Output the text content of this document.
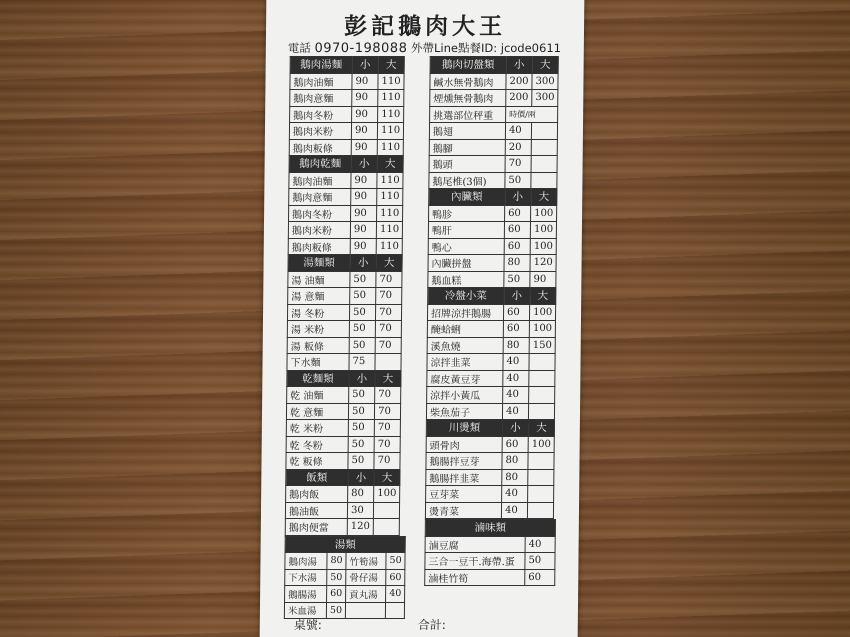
彭記鵝肉大王
電話 0970-198088 外帶Line點餐ID: jcode0611
鵝肉湯麵	小	大
鵝肉油麵	90	110
鵝肉意麵	90	110
鵝肉冬粉	90	110
鵝肉米粉	90	110
鵝肉粄條	90	110
鵝肉乾麵	小	大
鵝肉油麵	90	110
鵝肉意麵	90	110
鵝肉冬粉	90	110
鵝肉米粉	90	110
鵝肉粄條	90	110
湯麵類	小	大
湯 油麵	50	70
湯 意麵	50	70
湯 冬粉	50	70
湯 米粉	50	70
湯 粄條	50	70
下水麵	75	
乾麵類	小	大
乾 油麵	50	70
乾 意麵	50	70
乾 米粉	50	70
乾 冬粉	50	70
乾 粄條	50	70
飯類	小	大
鵝肉飯	80	100
鵝油飯	30	
鵝肉便當	120	
湯類			
鵝肉湯	80	竹筍湯	50
下水湯	50	骨仔湯	60
鵝腸湯	60	貢丸湯	40
米血湯	50		
鵝肉切盤類	小	大
鹹水無骨鵝肉	200	300
煙燻無骨鵝肉	200	300
挑選部位秤重	時價/兩	
鵝翅	40	
鵝腳	20	
鵝頭	70	
鵝尾椎(3個)	50	
內臟類	小	大
鴨胗	60	100
鴨肝	60	100
鴨心	60	100
內臟拼盤	80	120
鵝血糕	50	90
冷盤小菜	小	大
招牌涼拌鵝腸	60	100
醃蛤蜊	60	100
溪魚燒	80	150
涼拌韭菜	40	
腐皮黃豆芽	40	
涼拌小黃瓜	40	
柴魚茄子	40	
川燙類	小	大
頭骨肉	60	100
鵝腸拌豆芽	80	
鵝腸拌韭菜	80	
豆芽菜	40	
燙青菜	40	
滷味類	
滷豆腐	40
三合一豆干.海帶.蛋	50
滷桂竹筍	60
桌號:	合計:
